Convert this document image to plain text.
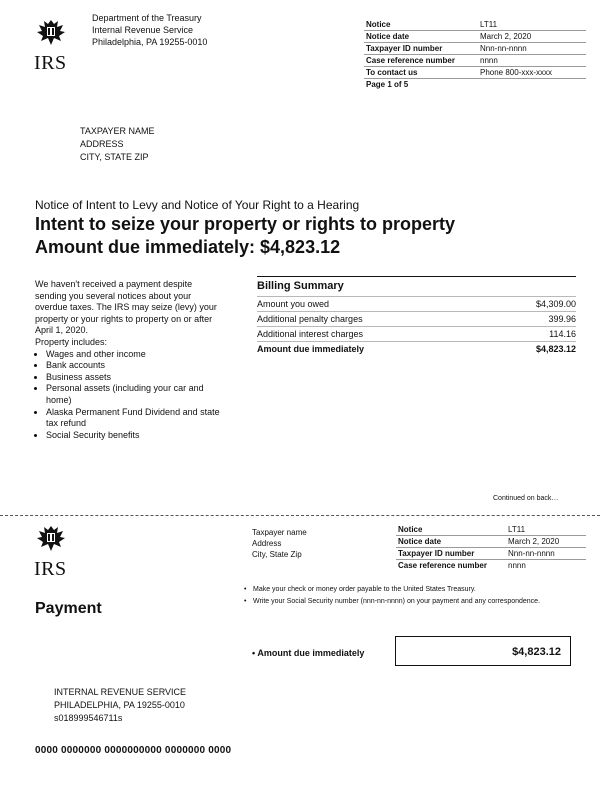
IRS
Department of the Treasury
Internal Revenue Service
Philadelphia, PA 19255-0010
Notice	LT11
Notice date	March 2, 2020
Taxpayer ID number	Nnn-nn-nnnn
Case reference number	nnnn
To contact us	Phone 800-xxx-xxxx
Page 1 of 5	
TAXPAYER NAME
ADDRESS
CITY, STATE ZIP
Notice of Intent to Levy and Notice of Your Right to a Hearing
Intent to seize your property or rights to property
Amount due immediately: $4,823.12
We haven't received a payment despite sending you several notices about your overdue taxes. The IRS may seize (levy) your property or your rights to property on or after April 1, 2020.
Property includes:
• Wages and other income
• Bank accounts
• Business assets
• Personal assets (including your car and home)
• Alaska Permanent Fund Dividend and state tax refund
• Social Security benefits
Billing Summary
Amount you owed	$4,309.00
Additional penalty charges	399.96
Additional interest charges	114.16
Amount due immediately	$4,823.12
Continued on back…
IRS
Payment
Taxpayer name
Address
City, State Zip
Notice	LT11
Notice date	March 2, 2020
Taxpayer ID number	Nnn-nn-nnnn
Case reference number	nnnn
• Make your check or money order payable to the United States Treasury.
• Write your Social Security number (nnn-nn-nnnn) on your payment and any correspondence.
• Amount due immediately	$4,823.12
INTERNAL REVENUE SERVICE
PHILADELPHIA, PA 19255-0010
s018999546711s
0000 0000000 0000000000 0000000 0000
